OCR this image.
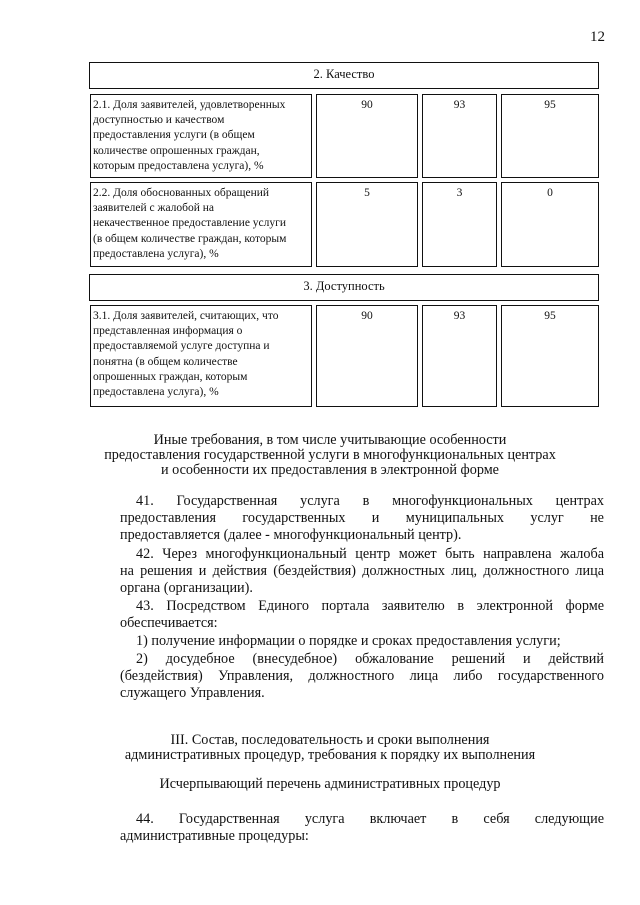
12
2. Качество
2.1. Доля заявителей, удовлетворенных
доступностью и качеством
предоставления услуги (в общем
количестве опрошенных граждан,
которым предоставлена услуга), %
90	93	95
2.2. Доля обоснованных обращений
заявителей с жалобой на
некачественное предоставление услуги
(в общем количестве граждан, которым
предоставлена услуга), %
5	3	0
3. Доступность
3.1. Доля заявителей, считающих, что
представленная информация о
предоставляемой услуге доступна и
понятна (в общем количестве
опрошенных граждан, которым
предоставлена услуга), %
90	93	95
Иные требования, в том числе учитывающие особенности
предоставления государственной услуги в многофункциональных центрах
и особенности их предоставления в электронной форме
41. Государственная услуга в многофункциональных центрах
предоставления государственных и муниципальных услуг не
предоставляется (далее - многофункциональный центр).
42. Через многофункциональный центр может быть направлена жалоба
на решения и действия (бездействия) должностных лиц, должностного лица
органа (организации).
43. Посредством Единого портала заявителю в электронной форме
обеспечивается:
1) получение информации о порядке и сроках предоставления услуги;
2) досудебное (внесудебное) обжалование решений и действий
(бездействия) Управления, должностного лица либо государственного
служащего Управления.
III. Состав, последовательность и сроки выполнения
административных процедур, требования к порядку их выполнения
Исчерпывающий перечень административных процедур
44. Государственная услуга включает в себя следующие
административные процедуры:
